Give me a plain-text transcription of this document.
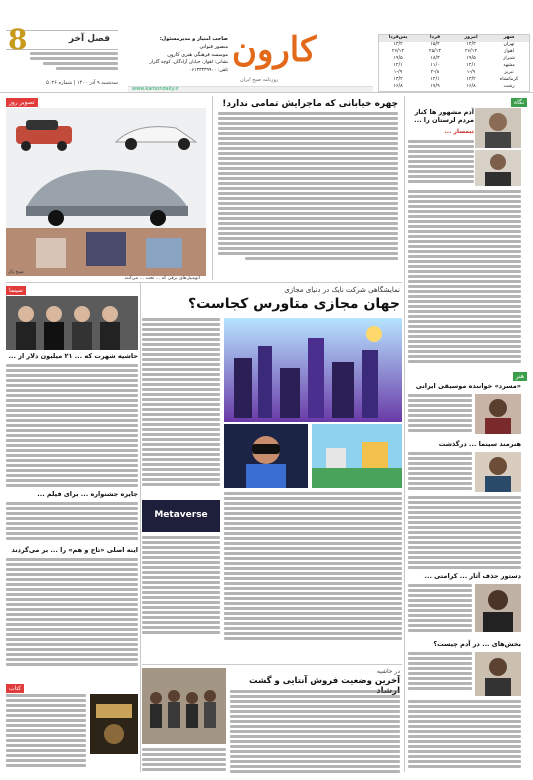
8	فصل آخر
سه‌شنبه ۹ آذر ۱۴۰۰ | شماره ۵۰۲۶
کارون
روزنامه صبح ایران
صاحب امتیاز و مدیرمسئول:
منصور قنواتی
موسسه فرهنگی هنری کارون
نشانی: اهواز، خیابان آزادگان، کوچه گلزار
تلفن: ۰۶۱۳۳۳۳۹۹۰۰
شهر
امروز
فردا
پس‌فردا
تهران
۱۴/۳
۱۵/۴
۱۳/۲
اهواز
۲۶/۱۴
۲۵/۱۳
۲۶/۱۴
شیراز
۱۹/۵
۱۸/۴
۱۹/۵
مشهد
۱۲/۱
۱۱/۰
۱۲/۱
تبریز
۹/-۱
۸/-۲
۹/-۱
کرمانشاه
۱۳/۲
۱۲/۱
۱۳/۲
رشت
۱۶/۸
۱۷/۹
۱۶/۸
www.karoondaily.ir
تصویر روز
شیخ پال
اتومبیل‌های برقی که ... تحت ... می‌کنند
چهره خیابانی که ماجرایش تمامی ندارد!	نگاه
آدم مشهور ها کنار مردم لرستان را ...
تیمسار ...
نمایشگاهی شرکت نایک در دنیای مجازی
جهان مجازی متاورس کجاست؟
Metaverse
سینما
حاشیه شهرت که ... ۲۱ میلیون دلار از ...
جایزه جشنواره ... برای فیلم ...
اینه اصلی «تاج و هم» را ... بر می‌گردند
کتاب
هنر
«مسرد» خواننده موسیقی ایرانی
هنرمند سینما ... درگذشت
دستور حذف آثار ... کرامتی ...
بخش‌های ... در آدم چیست؟
در حاشیه
آخرین وضعیت فروش آنتایی و گشت
